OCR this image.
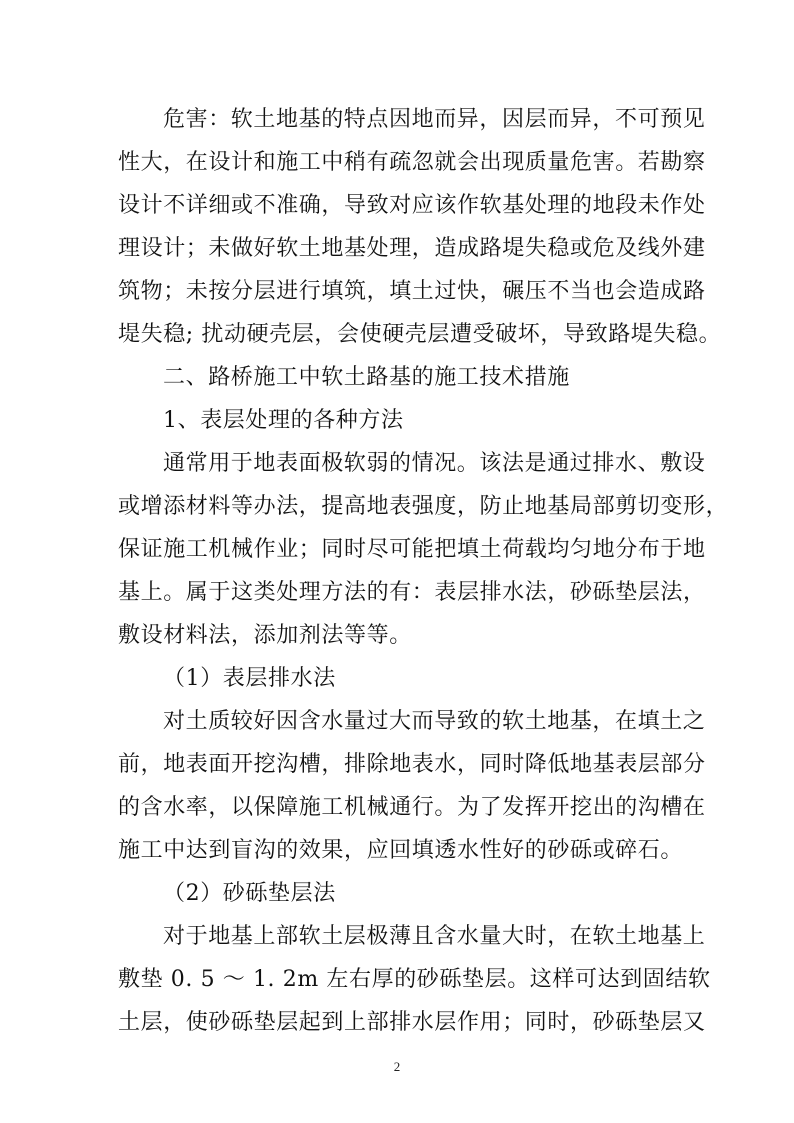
危害：软土地基的特点因地而异，因层而异，不可预见
性大，在设计和施工中稍有疏忽就会出现质量危害。若勘察
设计不详细或不准确，导致对应该作软基处理的地段未作处
理设计；未做好软土地基处理，造成路堤失稳或危及线外建
筑物；未按分层进行填筑，填土过快，碾压不当也会造成路
堤失稳; 扰动硬壳层，会使硬壳层遭受破坏，导致路堤失稳。
二、路桥施工中软土路基的施工技术措施
1、表层处理的各种方法
通常用于地表面极软弱的情况。该法是通过排水、敷设
或增添材料等办法，提高地表强度，防止地基局部剪切变形，
保证施工机械作业；同时尽可能把填土荷载均匀地分布于地
基上。属于这类处理方法的有：表层排水法，砂砾垫层法，
敷设材料法，添加剂法等等。
（1）表层排水法
对土质较好因含水量过大而导致的软土地基，在填土之
前，地表面开挖沟槽，排除地表水，同时降低地基表层部分
的含水率，以保障施工机械通行。为了发挥开挖出的沟槽在
施工中达到盲沟的效果，应回填透水性好的砂砾或碎石。
（2）砂砾垫层法
对于地基上部软土层极薄且含水量大时，在软土地基上
敷垫 0. 5 ～ 1. 2m 左右厚的砂砾垫层。这样可达到固结软
土层，使砂砾垫层起到上部排水层作用；同时，砂砾垫层又
2
